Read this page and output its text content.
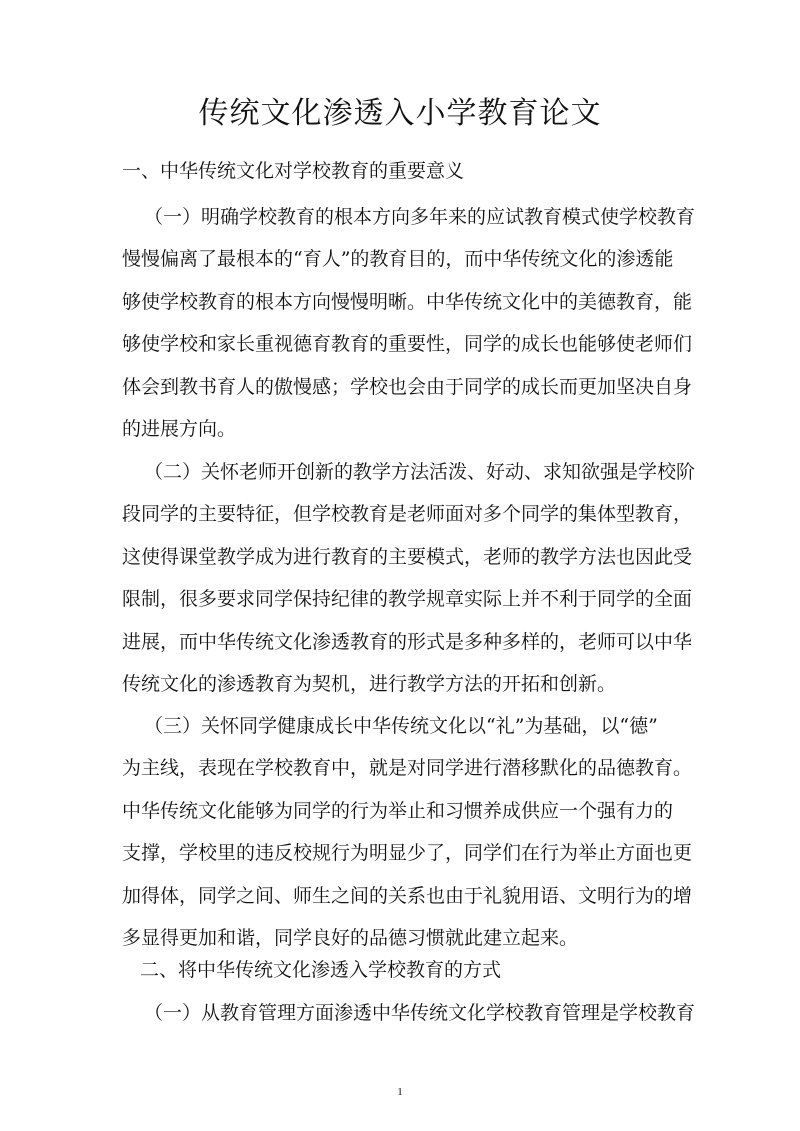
传统文化渗透入小学教育论文
一、中华传统文化对学校教育的重要意义
（一）明确学校教育的根本方向多年来的应试教育模式使学校教育
慢慢偏离了最根本的“育人”的教育目的，而中华传统文化的渗透能
够使学校教育的根本方向慢慢明晰。中华传统文化中的美德教育，能
够使学校和家长重视德育教育的重要性，同学的成长也能够使老师们
体会到教书育人的傲慢感；学校也会由于同学的成长而更加坚决自身
的进展方向。
（二）关怀老师开创新的教学方法活泼、好动、求知欲强是学校阶
段同学的主要特征，但学校教育是老师面对多个同学的集体型教育，
这使得课堂教学成为进行教育的主要模式，老师的教学方法也因此受
限制，很多要求同学保持纪律的教学规章实际上并不利于同学的全面
进展，而中华传统文化渗透教育的形式是多种多样的，老师可以中华
传统文化的渗透教育为契机，进行教学方法的开拓和创新。
（三）关怀同学健康成长中华传统文化以“礼”为基础，以“德”
为主线，表现在学校教育中，就是对同学进行潜移默化的品德教育。
中华传统文化能够为同学的行为举止和习惯养成供应一个强有力的
支撑，学校里的违反校规行为明显少了，同学们在行为举止方面也更
加得体，同学之间、师生之间的关系也由于礼貌用语、文明行为的增
多显得更加和谐，同学良好的品德习惯就此建立起来。
二、将中华传统文化渗透入学校教育的方式
（一）从教育管理方面渗透中华传统文化学校教育管理是学校教育
1
